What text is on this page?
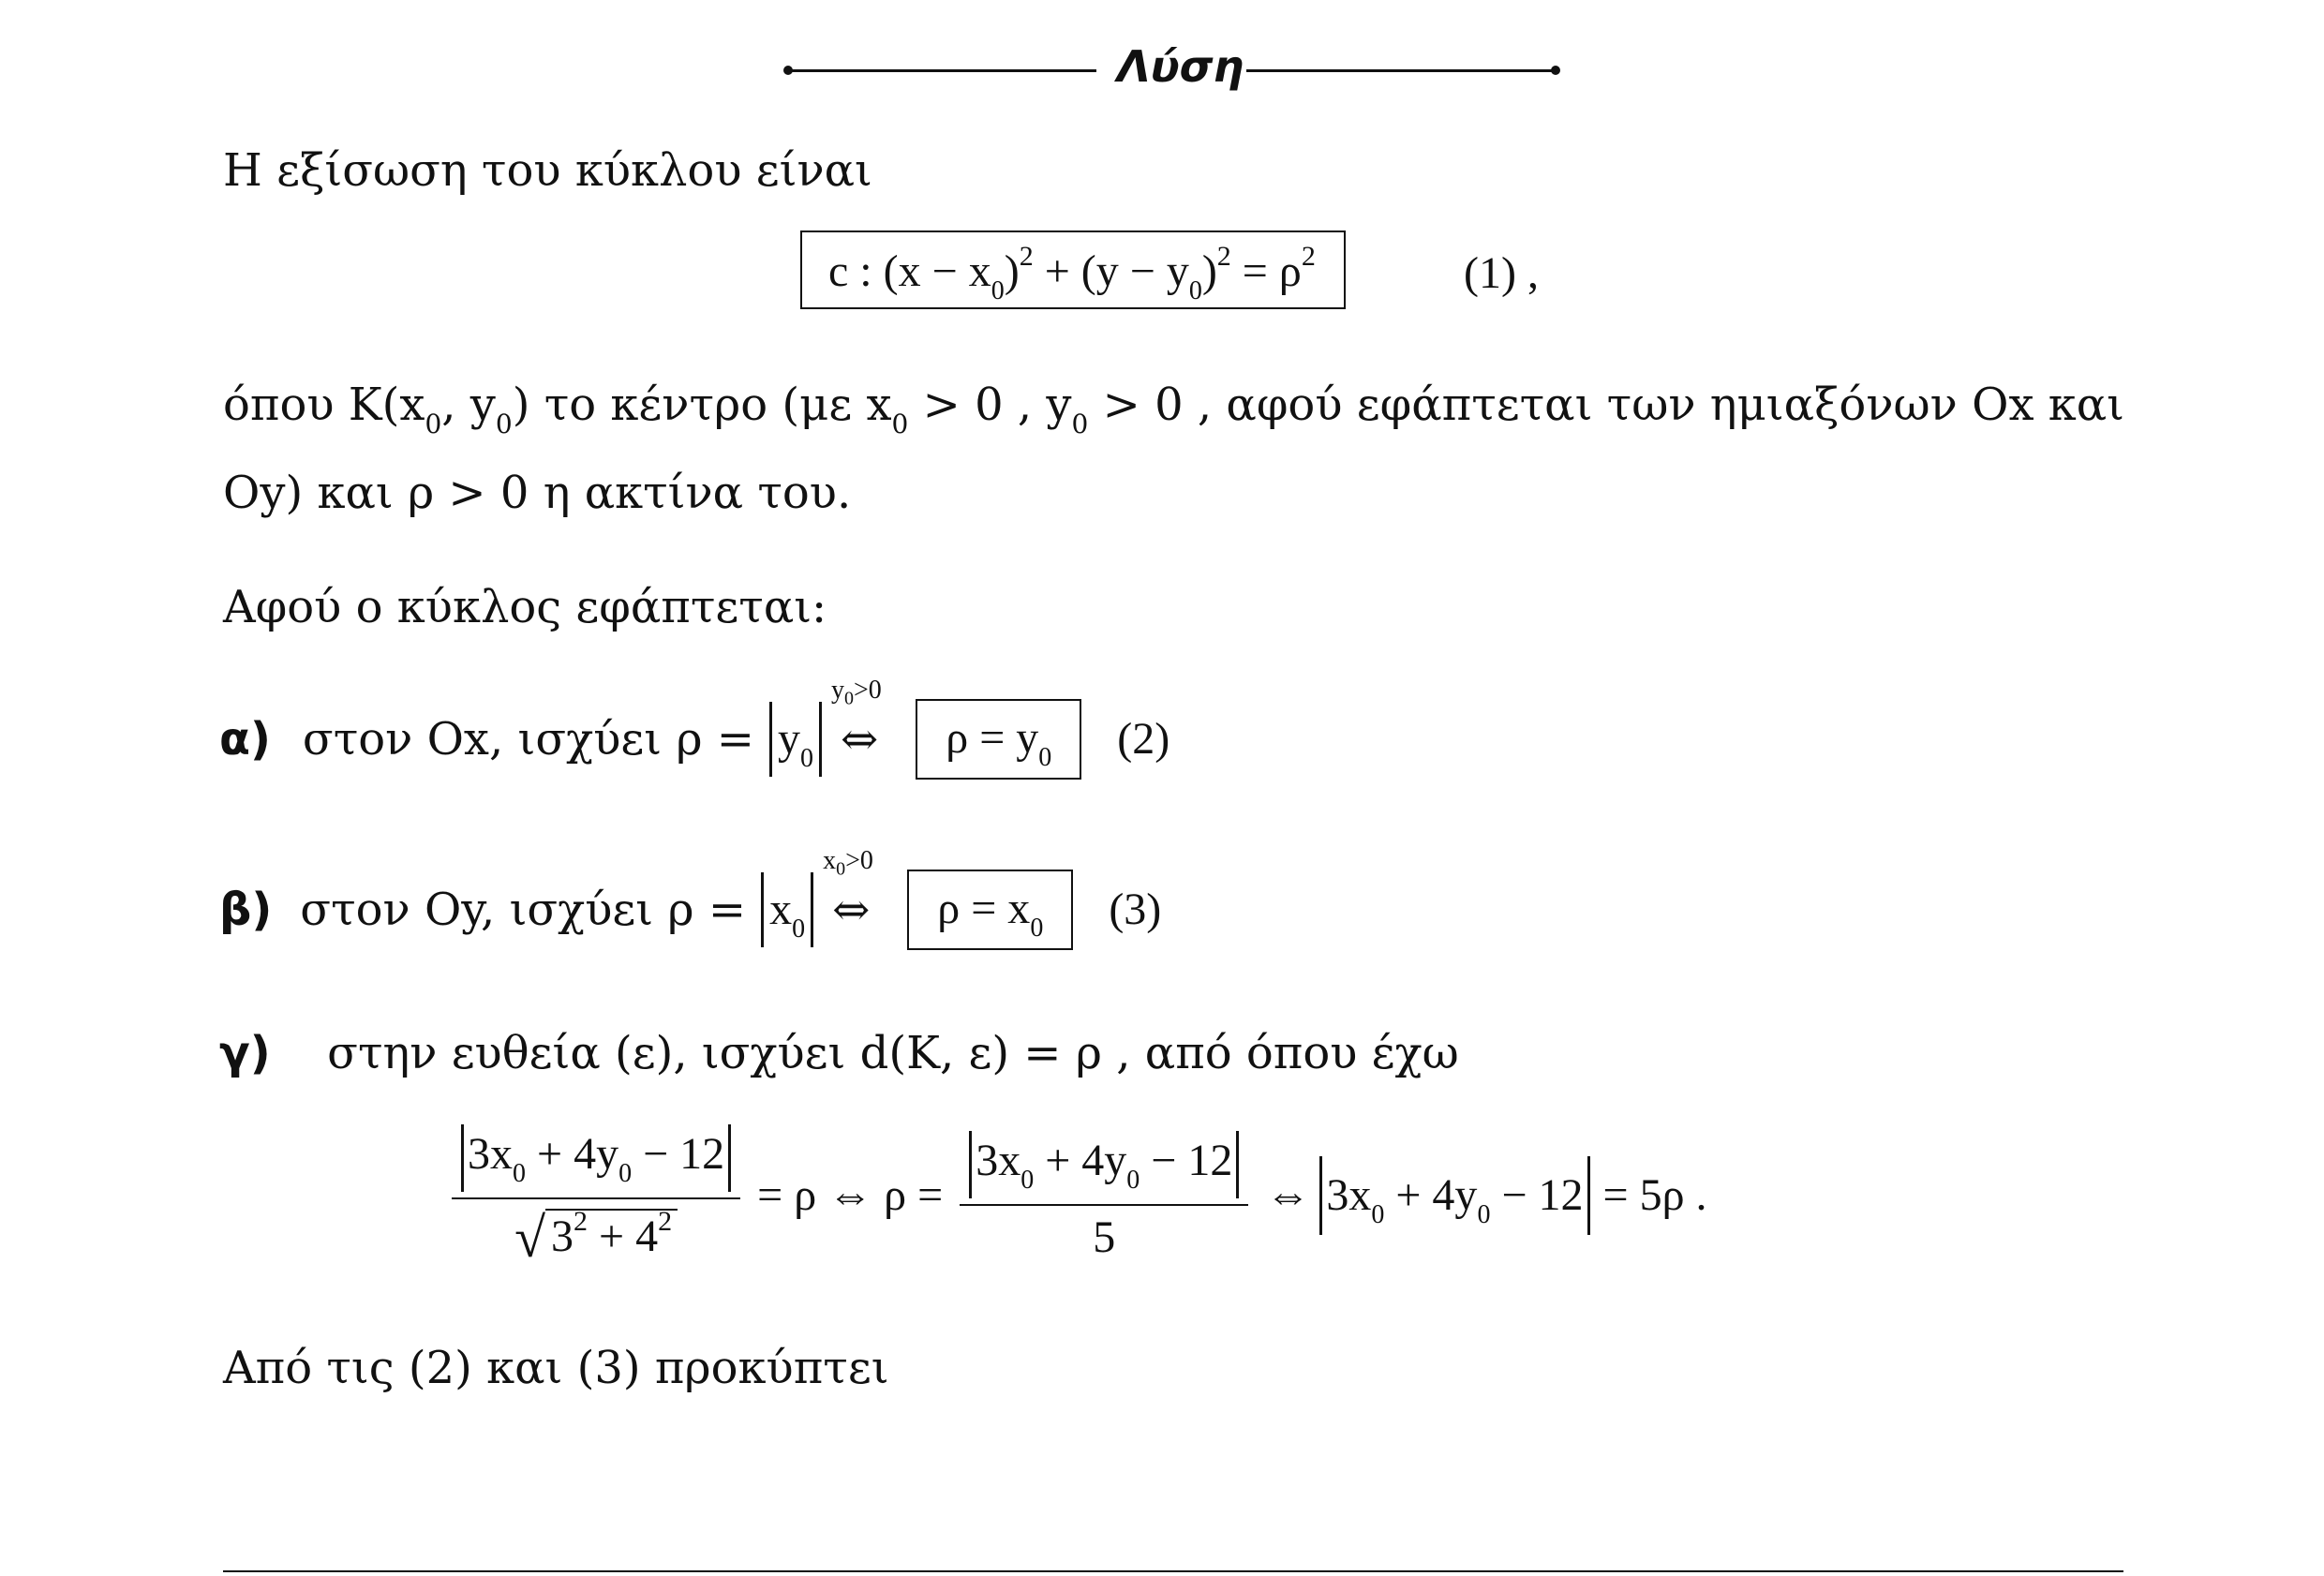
Λύση
Η εξίσωση του κύκλου είναι
c : $(x - x_0)^2 + (y - y_0)^2 = \rho^2$	(1) ,
όπου $K(x_0$, $y_0$) το κέντρο (με $x_0 > 0$ , $y_0 > 0$ , αφού εφάπτεται των ημιαξόνων Ox και
Oy) και ρ > 0 η ακτίνα του.
Αφού ο κύκλος εφάπτεται:
α) στον Ox, ισχύει $\rho = y_0$
$y_0>0$
⇔	$\rho = y_0$	(2)
β) στον Oy, ισχύει $\rho = x_0$
$x_0>0$
⇔	$\rho = x_0$	(3)
γ) στην ευθεία (ε), ισχύει d(K, ε) = ρ , από όπου έχω
$\frac{3x_0 + 4y_0 - 12}{√ 3^2 + 4^2} = \rho$ ⇔ $\rho = \frac{3x_0 + 4y_0 - 12}{5}$ ⇔ $3x_0 + 4y_0 - 12 = 5\rho$ .
Από τις (2) και (3) προκύπτει
